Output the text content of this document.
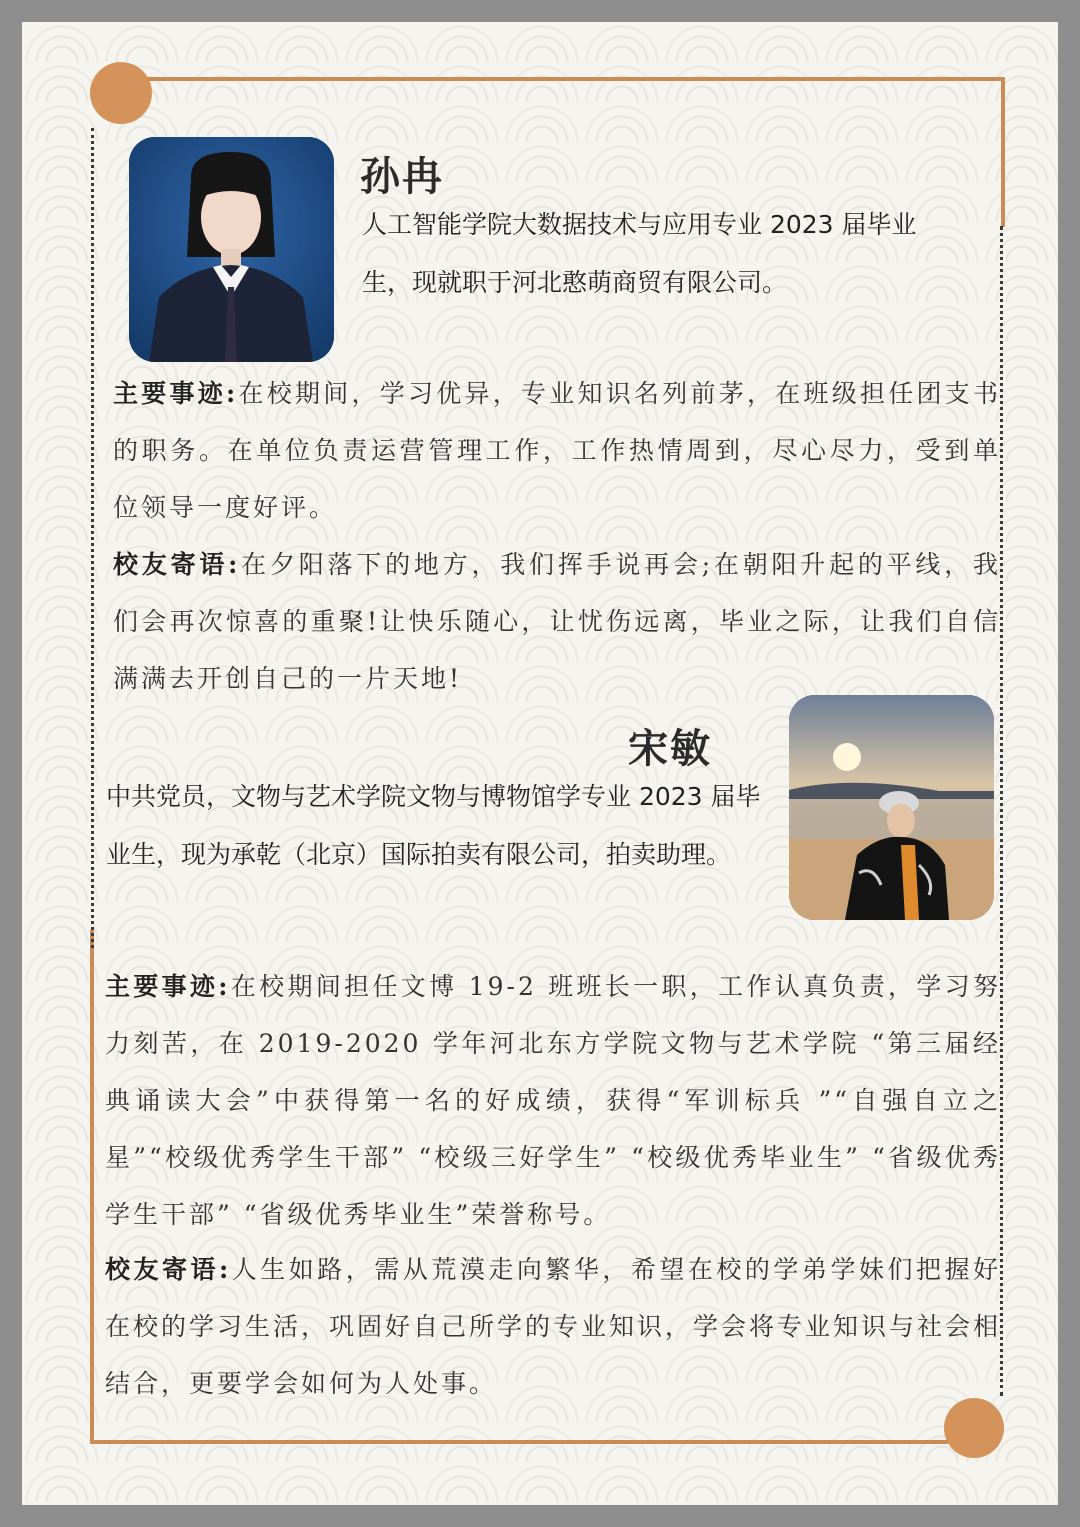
孙冉
人工智能学院大数据技术与应用专业 2023 届毕业生，现就职于河北憨萌商贸有限公司。
主要事迹:在校期间，学习优异，专业知识名列前茅，在班级担任团支书的职务。在单位负责运营管理工作，工作热情周到，尽心尽力，受到单位领导一度好评。
校友寄语:在夕阳落下的地方，我们挥手说再会;在朝阳升起的平线，我们会再次惊喜的重聚!让快乐随心，让忧伤远离，毕业之际，让我们自信满满去开创自己的一片天地!
宋敏
中共党员，文物与艺术学院文物与博物馆学专业 2023 届毕业生，现为承乾（北京）国际拍卖有限公司，拍卖助理。
主要事迹:在校期间担任文博 19-2 班班长一职，工作认真负责，学习努力刻苦，在 2019-2020 学年河北东方学院文物与艺术学院 “第三届经典诵读大会”中获得第一名的好成绩，获得“军训标兵 ”“自强自立之星”“校级优秀学生干部” “校级三好学生” “校级优秀毕业生” “省级优秀学生干部” “省级优秀毕业生”荣誉称号。
校友寄语:人生如路，需从荒漠走向繁华，希望在校的学弟学妹们把握好在校的学习生活，巩固好自己所学的专业知识，学会将专业知识与社会相结合，更要学会如何为人处事。
